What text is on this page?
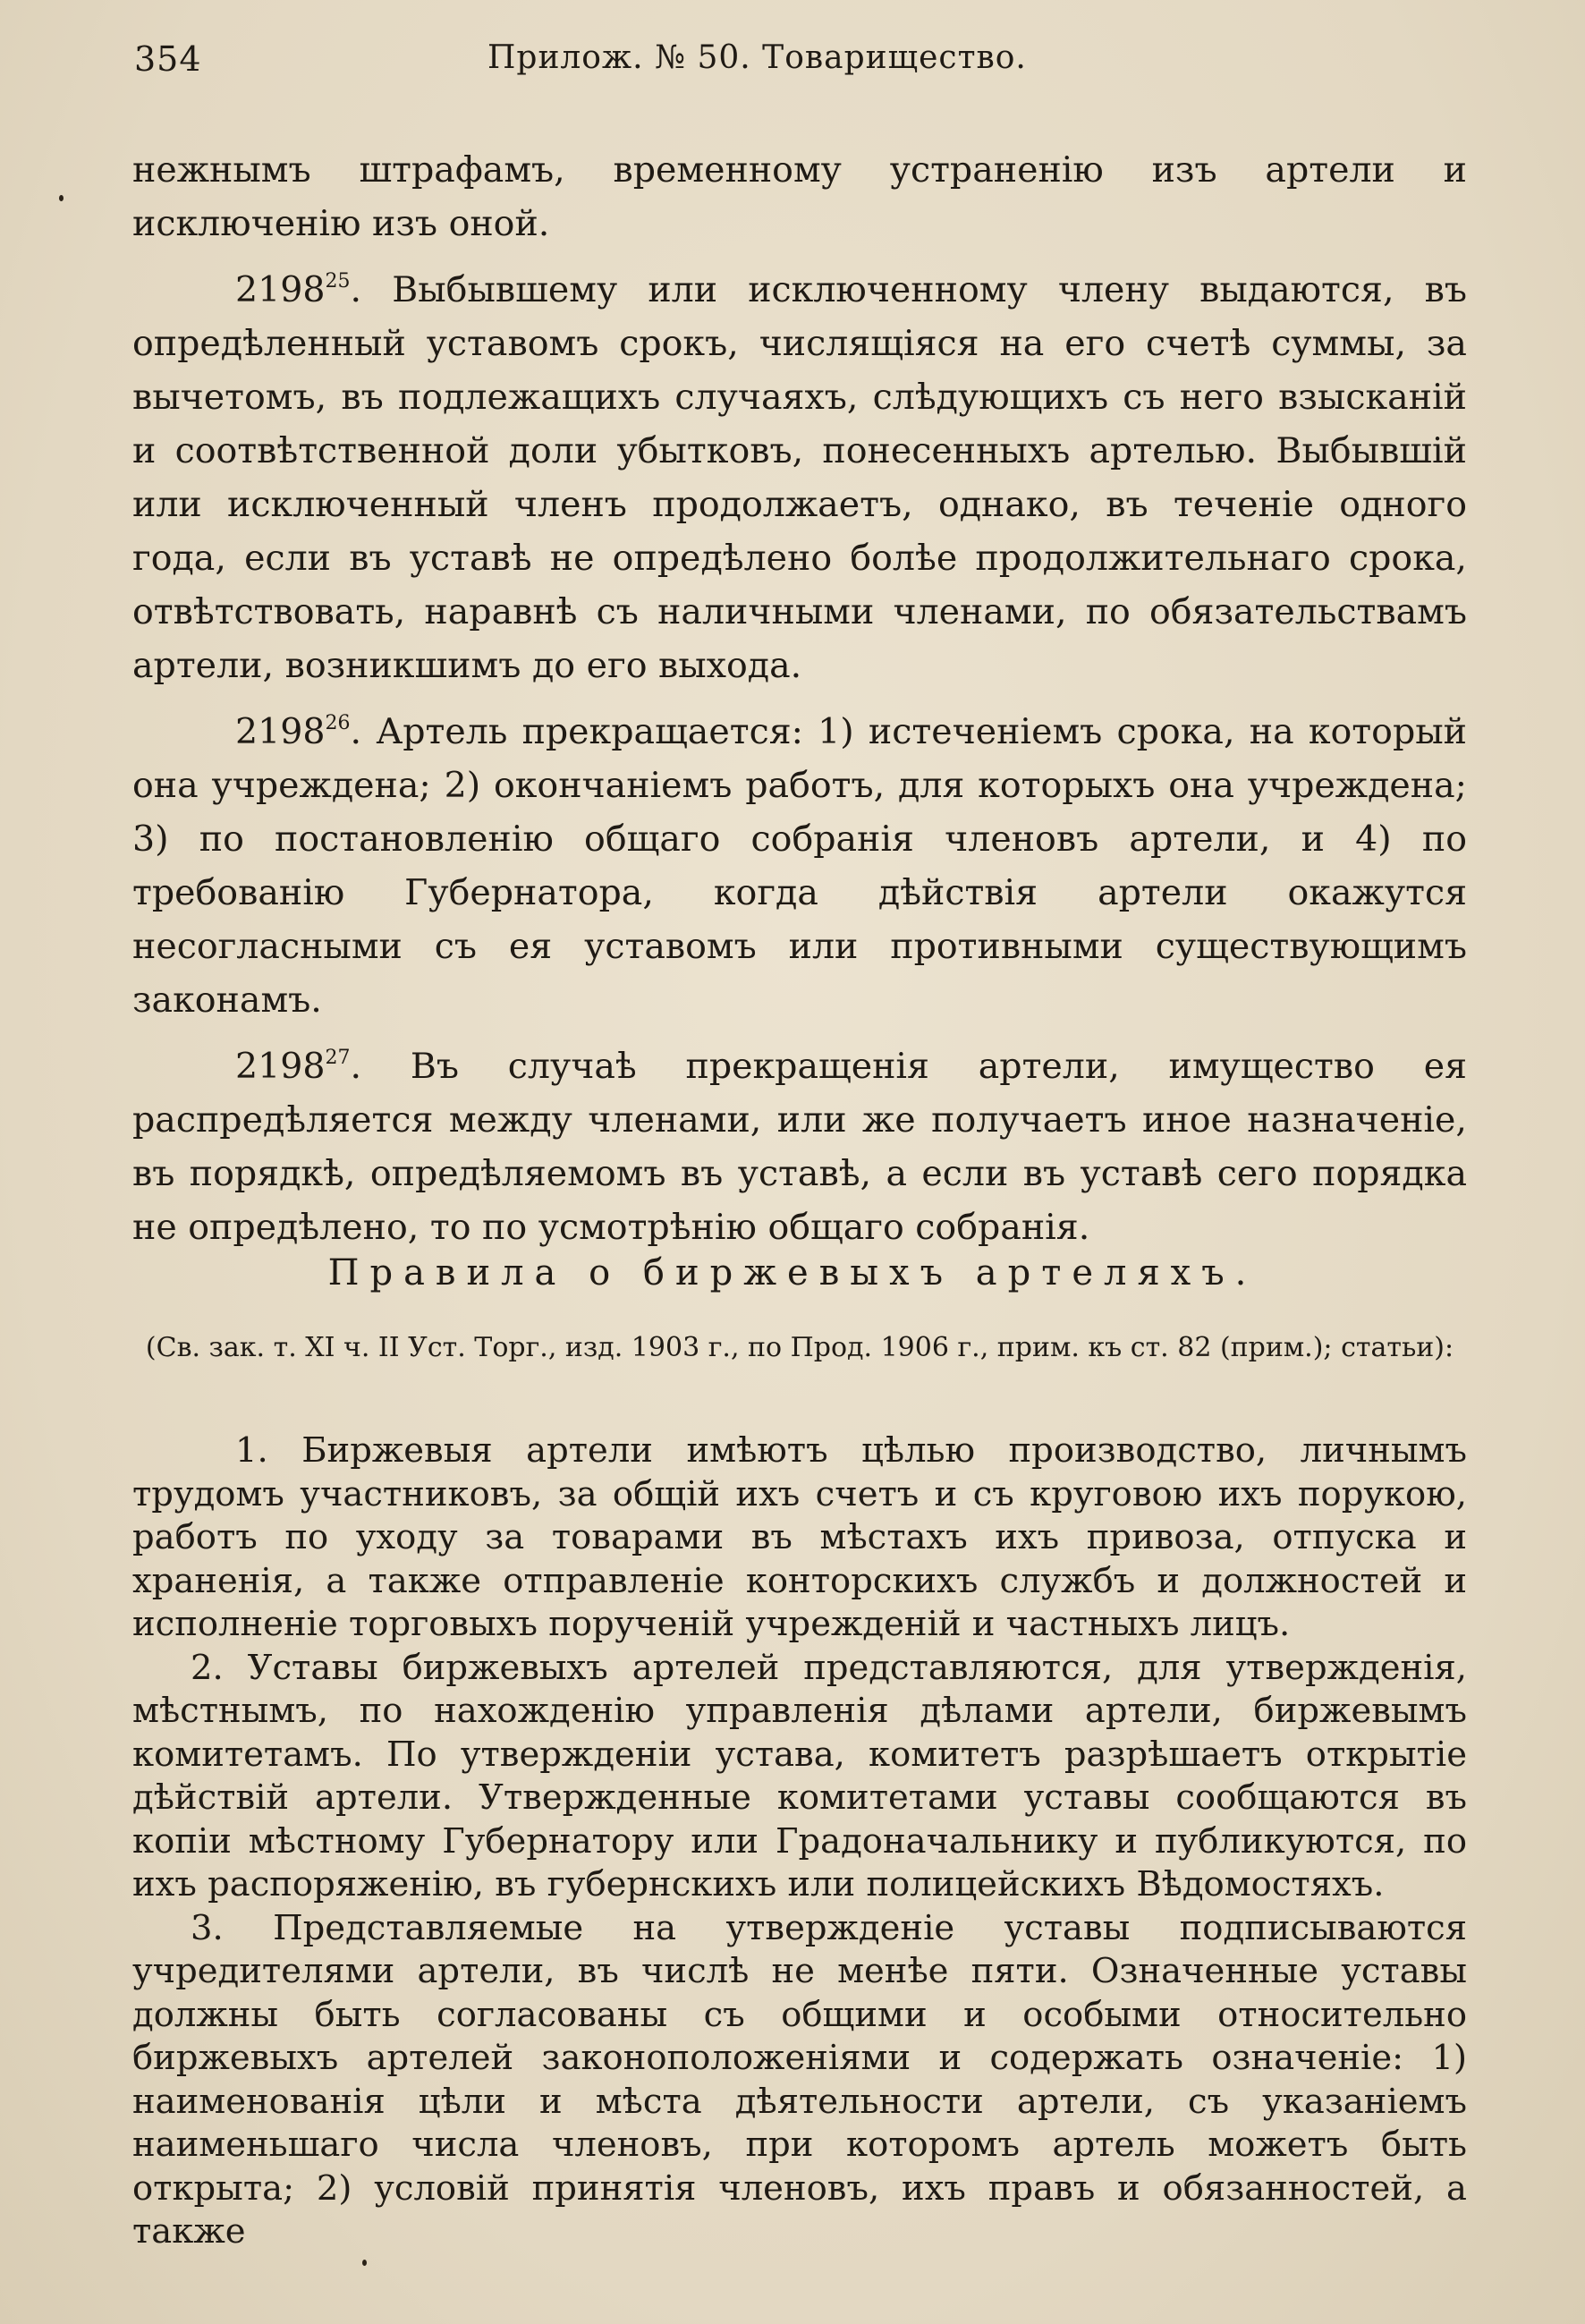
354	Прилож. № 50. Товарищество.

нежнымъ штрафамъ, временному устраненію изъ артели и исключенію изъ оной.

2198$^{25}$. Выбывшему или исключенному члену выдаются, въ опредѣленный уставомъ срокъ, числящіяся на его счетѣ суммы, за вычетомъ, въ подлежащихъ случаяхъ, слѣдующихъ съ него взысканій и соотвѣтственной доли убытковъ, понесенныхъ артелью. Выбывшій или исключенный членъ продолжаетъ, однако, въ теченіе одного года, если въ уставѣ не опредѣлено болѣе продолжительнаго срока, отвѣтствовать, наравнѣ съ наличными членами, по обязательствамъ артели, возникшимъ до его выхода.

2198$^{26}$. Артель прекращается: 1) истеченіемъ срока, на который она учреждена; 2) окончаніемъ работъ, для которыхъ она учреждена; 3) по постановленію общаго собранія членовъ артели, и 4) по требованію Губернатора, когда дѣйствія артели окажутся несогласными съ ея уставомъ или противными существующимъ законамъ.

2198$^{27}$. Въ случаѣ прекращенія артели, имущество ея распредѣляется между членами, или же получаетъ иное назначеніе, въ порядкѣ, опредѣляемомъ въ уставѣ, а если въ уставѣ сего порядка не опредѣлено, то по усмотрѣнію общаго собранія.

Правила о биржевыхъ артеляхъ.
(Св. зак. т. XI ч. II Уст. Торг., изд. 1903 г., по Прод. 1906 г., прим. къ ст. 82 (прим.); статьи):

1. Биржевыя артели имѣютъ цѣлью производство, личнымъ трудомъ участниковъ, за общій ихъ счетъ и съ круговою ихъ порукою, работъ по уходу за товарами въ мѣстахъ ихъ привоза, отпуска и храненія, а также отправленіе конторскихъ службъ и должностей и исполненіе торговыхъ порученій учрежденій и частныхъ лицъ.

2. Уставы биржевыхъ артелей представляются, для утвержденія, мѣстнымъ, по нахожденію управленія дѣлами артели, биржевымъ комитетамъ. По утвержденіи устава, комитетъ разрѣшаетъ открытіе дѣйствій артели. Утвержденные комитетами уставы сообщаются въ копіи мѣстному Губернатору или Градоначальнику и публикуются, по ихъ распоряженію, въ губернскихъ или полицейскихъ Вѣдомостяхъ.

3. Представляемые на утвержденіе уставы подписываются учредителями артели, въ числѣ не менѣе пяти. Означенные уставы должны быть согласованы съ общими и особыми относительно биржевыхъ артелей законоположеніями и содержать означеніе: 1) наименованія цѣли и мѣста дѣятельности артели, съ указаніемъ наименьшаго числа членовъ, при которомъ артель можетъ быть открыта; 2) условій принятія членовъ, ихъ правъ и обязанностей, а также
